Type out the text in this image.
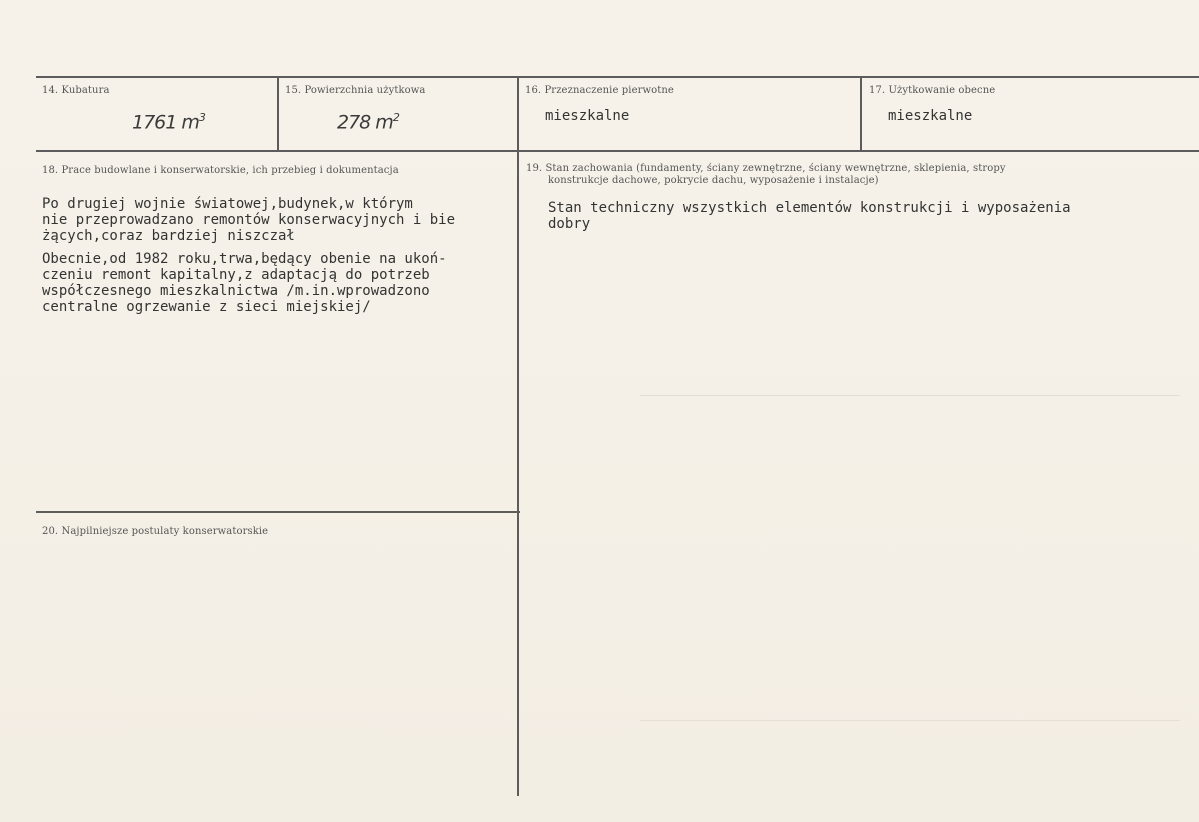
14. Kubatura
1761 $m^3$
15. Powierzchnia użytkowa
278 $m^2$
16. Przeznaczenie pierwotne
mieszkalne
17. Użytkowanie obecne
mieszkalne
18. Prace budowlane i konserwatorskie, ich przebieg i dokumentacja
Po drugiej wojnie światowej,budynek,w którym
nie przeprowadzano remontów konserwacyjnych i bie
żących,coraz bardziej niszczał
Obecnie,od 1982 roku,trwa,będący obenie na ukoń-
czeniu remont kapitalny,z adaptacją do potrzeb
współczesnego mieszkalnictwa /m.in.wprowadzono
centralne ogrzewanie z sieci miejskiej/
19. Stan zachowania (fundamenty, ściany zewnętrzne, ściany wewnętrzne, sklepienia, stropy
konstrukcje dachowe, pokrycie dachu, wyposażenie i instalacje)
Stan techniczny wszystkich elementów konstrukcji i wyposażenia
dobry
20. Najpilniejsze postulaty konserwatorskie
